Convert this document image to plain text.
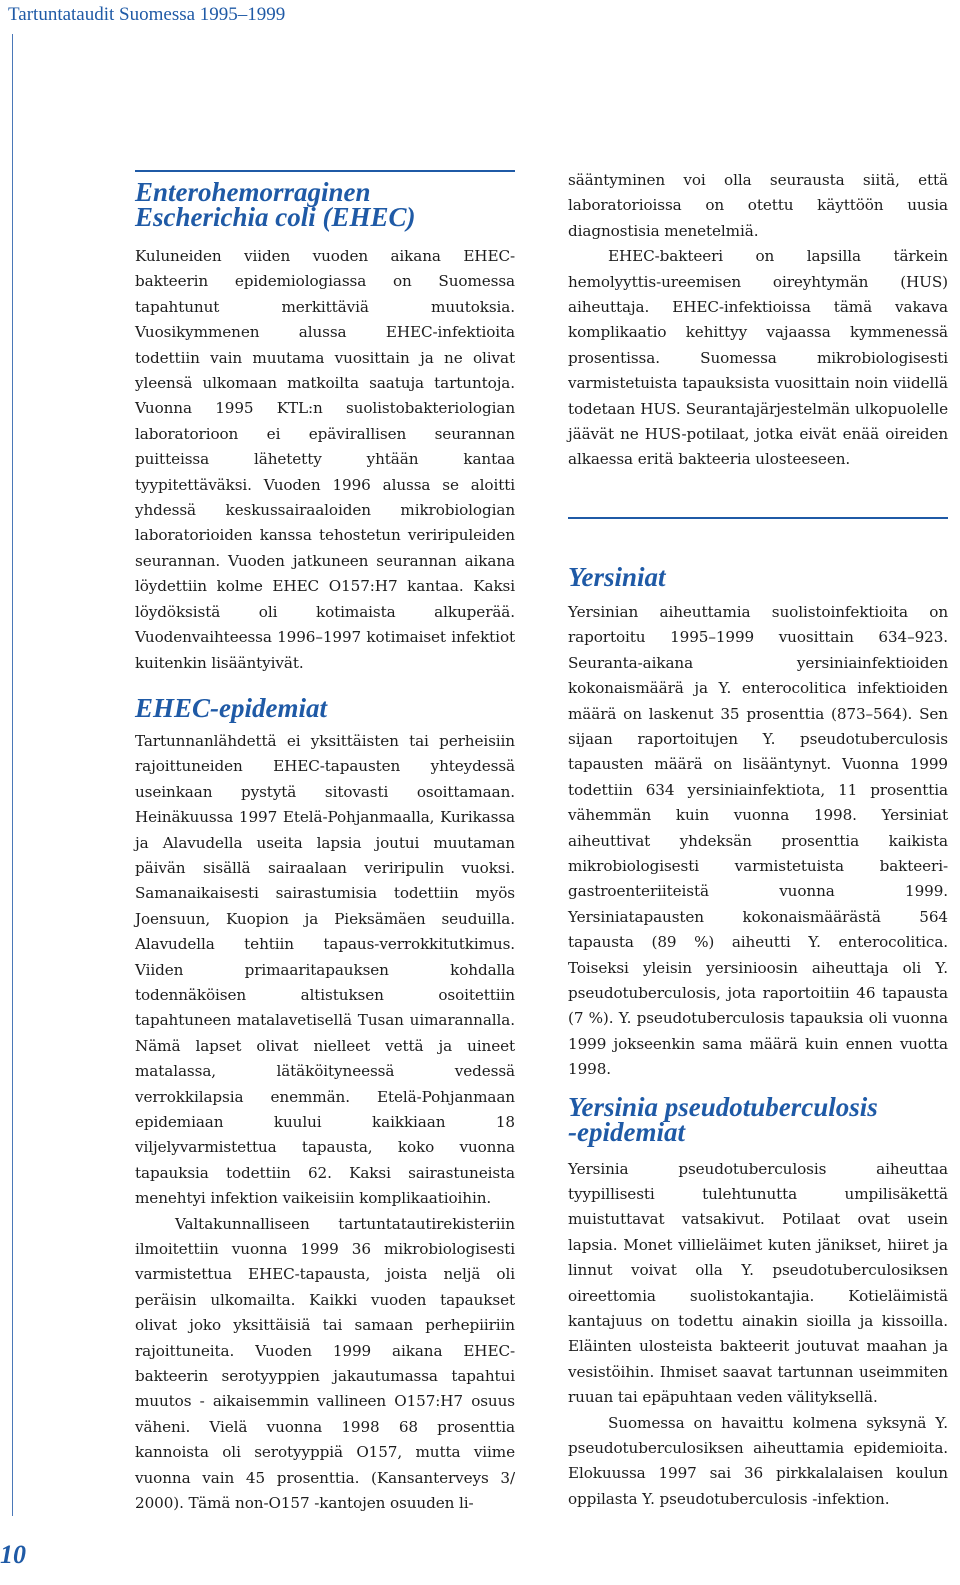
Tartuntataudit Suomessa 1995–1999
Enterohemorraginen
Escherichia coli (EHEC)

Kuluneiden viiden vuoden aikana EHEC-bakteerin epidemiologiassa on Suomessa tapahtunut merkittäviä muutoksia. Vuosikymmenen alussa EHEC-infektioita todettiin vain muutama vuosittain ja ne olivat yleensä ulkomaan matkoilta saatuja tartuntoja. Vuonna 1995 KTL:n suolistobakteriologian laboratorioon ei epävirallisen seurannan puitteissa lähetetty yhtään kantaa tyypitettäväksi. Vuoden 1996 alussa se aloitti yhdessä keskussairaaloiden mikrobiologian laboratorioiden kanssa tehostetun veriripuleiden seurannan. Vuoden jatkuneen seurannan aikana löydettiin kolme EHEC O157:H7 kantaa. Kaksi löydöksistä oli kotimaista alkuperää. Vuodenvaihteessa 1996–1997 kotimaiset infektiot kuitenkin lisääntyivät.

EHEC-epidemiat

Tartunnanlähdettä ei yksittäisten tai perheisiin rajoittuneiden EHEC-tapausten yhteydessä useinkaan pystytä sitovasti osoittamaan. Heinäkuussa 1997 Etelä-Pohjanmaalla, Kurikassa ja Alavudella useita lapsia joutui muutaman päivän sisällä sairaalaan veriripulin vuoksi. Samanaikaisesti sairastumisia todettiin myös Joensuun, Kuopion ja Pieksämäen seuduilla. Alavudella tehtiin tapaus-verrokkitutkimus. Viiden primaaritapauksen kohdalla todennäköisen altistuksen osoitettiin tapahtuneen matalavetisellä Tusan uimarannalla. Nämä lapset olivat nielleet vettä ja uineet matalassa, lätäköityneessä vedessä verrokkilapsia enemmän. Etelä-Pohjanmaan epidemiaan kuului kaikkiaan 18 viljelyvarmistettua tapausta, koko vuonna tapauksia todettiin 62. Kaksi sairastuneista menehtyi infektion vaikeisiin komplikaatioihin.

Valtakunnalliseen tartuntatautirekisteriin ilmoitettiin vuonna 1999 36 mikrobiologisesti varmistettua EHEC-tapausta, joista neljä oli peräisin ulkomailta. Kaikki vuoden tapaukset olivat joko yksittäisiä tai samaan perhepiiriin rajoittuneita. Vuoden 1999 aikana EHEC-bakteerin serotyyppien jakautumassa tapahtui muutos - aikaisemmin vallineen O157:H7 osuus väheni. Vielä vuonna 1998 68 prosenttia kannoista oli serotyyppiä O157, mutta viime vuonna vain 45 prosenttia. (Kansanterveys 3/ 2000). Tämä non-O157 -kantojen osuuden li-

sääntyminen voi olla seurausta siitä, että laboratorioissa on otettu käyttöön uusia diagnostisia menetelmiä.

EHEC-bakteeri on lapsilla tärkein hemolyyttis-ureemisen oireyhtymän (HUS) aiheuttaja. EHEC-infektioissa tämä vakava komplikaatio kehittyy vajaassa kymmenessä prosentissa. Suomessa mikrobiologisesti varmistetuista tapauksista vuosittain noin viidellä todetaan HUS. Seurantajärjestelmän ulkopuolelle jäävät ne HUS-potilaat, jotka eivät enää oireiden alkaessa eritä bakteeria ulosteeseen.

Yersiniat

Yersinian aiheuttamia suolistoinfektioita on raportoitu 1995–1999 vuosittain 634–923. Seuranta-aikana yersiniainfektioiden kokonaismäärä ja Y. enterocolitica infektioiden määrä on laskenut 35 prosenttia (873–564). Sen sijaan raportoitujen Y. pseudotuberculosis tapausten määrä on lisääntynyt. Vuonna 1999 todettiin 634 yersiniainfektiota, 11 prosenttia vähemmän kuin vuonna 1998. Yersiniat aiheuttivat yhdeksän prosenttia kaikista mikrobiologisesti varmistetuista bakteeri-gastroenteriiteistä vuonna 1999. Yersiniatapausten kokonaismäärästä 564 tapausta (89 %) aiheutti Y. enterocolitica. Toiseksi yleisin yersinioosin aiheuttaja oli Y. pseudotuberculosis, jota raportoitiin 46 tapausta (7 %). Y. pseudotuberculosis tapauksia oli vuonna 1999 jokseenkin sama määrä kuin ennen vuotta 1998.

Yersinia pseudotuberculosis
-epidemiat

Yersinia pseudotuberculosis aiheuttaa tyypillisesti tulehtunutta umpilisäkettä muistuttavat vatsakivut. Potilaat ovat usein lapsia. Monet villieläimet kuten jänikset, hiiret ja linnut voivat olla Y. pseudotuberculosiksen oireettomia suolistokantajia. Kotieläimistä kantajuus on todettu ainakin sioilla ja kissoilla. Eläinten ulosteista bakteerit joutuvat maahan ja vesistöihin. Ihmiset saavat tartunnan useimmiten ruuan tai epäpuhtaan veden välityksellä.

Suomessa on havaittu kolmena syksynä Y. pseudotuberculosiksen aiheuttamia epidemioita. Elokuussa 1997 sai 36 pirkkalalaisen koulun oppilasta Y. pseudotuberculosis -infektion.

10
